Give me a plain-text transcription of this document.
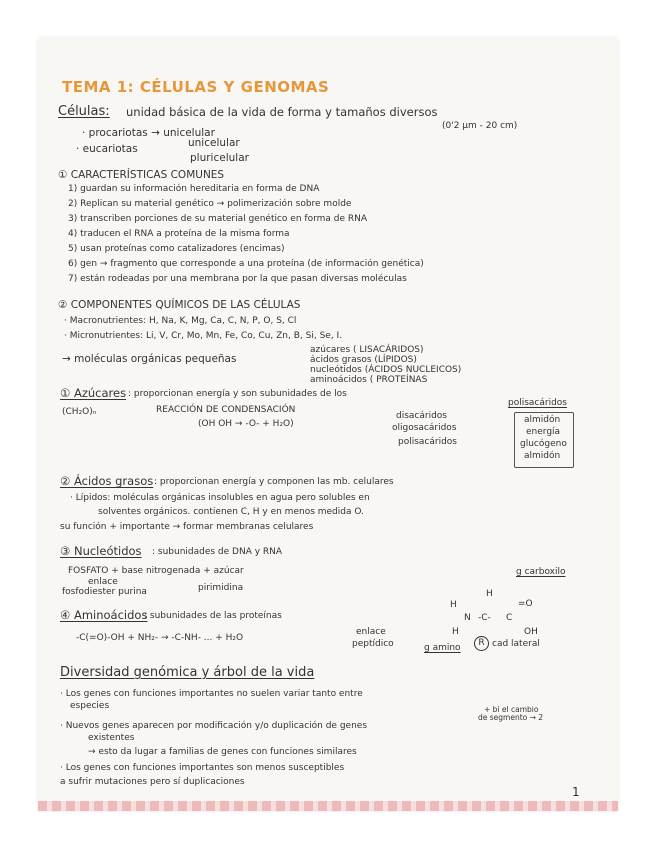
TEMA 1: CÉLULAS Y GENOMAS
Células: unidad básica de la vida de forma y tamaños diversos
(0'2 μm - 20 cm)
· procariotas → unicelular
· eucariotas	unicelular
pluricelular
① CARACTERÍSTICAS COMUNES
1) guardan su información hereditaria en forma de DNA
2) Replican su material genético → polimerización sobre molde
3) transcriben porciones de su material genético en forma de RNA
4) traducen el RNA a proteína de la misma forma
5) usan proteínas como catalizadores (encimas)
6) gen → fragmento que corresponde a una proteína (de información genética)
7) están rodeadas por una membrana por la que pasan diversas moléculas
② COMPONENTES QUÍMICOS DE LAS CÉLULAS
· Macronutrientes: H, Na, K, Mg, Ca, C, N, P, O, S, Cl
· Micronutrientes: Li, V, Cr, Mo, Mn, Fe, Co, Cu, Zn, B, Si, Se, I.
→ moléculas orgánicas pequeñas
azúcares ( LISACÁRIDOS)
ácidos grasos (LÍPIDOS)
nucleótidos (ÁCIDOS NUCLEICOS)
aminoácidos ( PROTEÍNAS
① Azúcares : proporcionan energía y son subunidades de los
(CH₂O)ₙ	REACCIÓN DE CONDENSACIÓN
(OH OH → -O- + H₂O)
disacáridos
oligosacáridos
polisacáridos
polisacáridos
almidón
energía
glucógeno
almidón
② Ácidos grasos : proporcionan energía y componen las mb. celulares
· Lípidos: moléculas orgánicas insolubles en agua pero solubles en
solventes orgánicos. contienen C, H y en menos medida O.
su función + importante → formar membranas celulares
③ Nucleótidos : subunidades de DNA y RNA
FOSFATO + base nitrogenada + azúcar
enlace
fosfodiester purina	pirimidina
g carboxilo
④ Aminoácidos
: subunidades de las proteínas
-C(=O)-OH + NH₂- → -C-NH- ... + H₂O
enlace
peptídico
H
H
N -C- C
=O
OH
H
g amino	R cad lateral
Diversidad genómica y árbol de la vida
· Los genes con funciones importantes no suelen variar tanto entre
especies
· Nuevos genes aparecen por modificación y/o duplicación de genes
existentes
→ esto da lugar a familias de genes con funciones similares
· Los genes con funciones importantes son menos susceptibles
a sufrir mutaciones pero sí duplicaciones
+ bi el cambio
de segmento → 2
1
